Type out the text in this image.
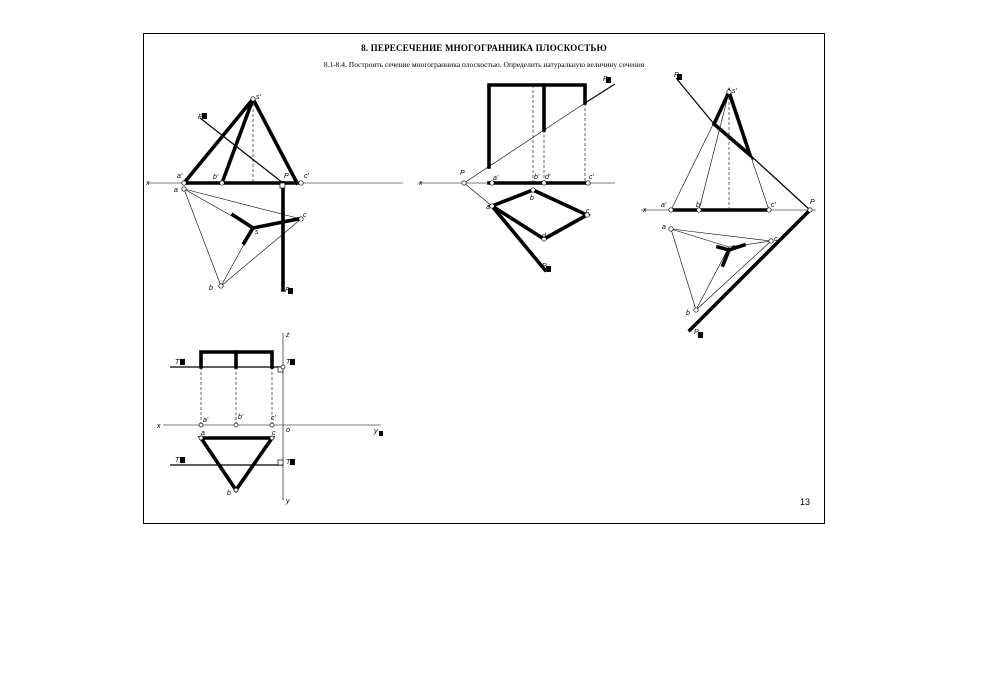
8. ПЕРЕСЕЧЕНИЕ МНОГОГРАННИКА ПЛОСКОСТЬЮ
8.1-8.4. Построить сечение многогранника плоскостью. Определить натуральную величину сечения
13
x
s'
a'	b'	c'
a
c
s
b
P
P
P
x
P
P
a'	b' d'	c'
a
b
c
d
P
x
P
s'
a'	b'	c'	P
a
s
c
b
P
x
z
o
y
y
T	T
T	T
a'	b'	c'
a	c
b
